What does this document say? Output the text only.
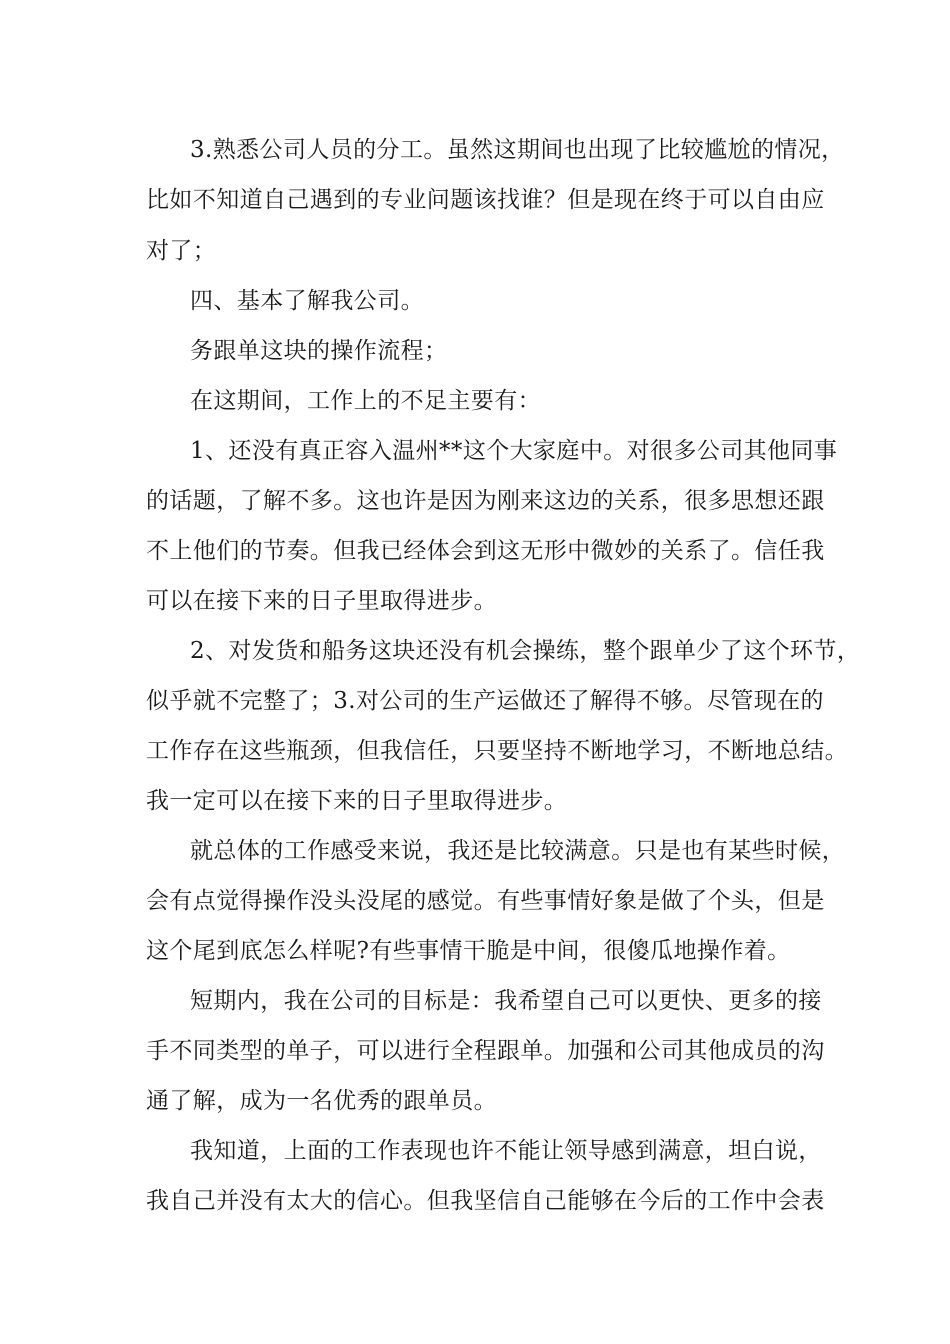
3.熟悉公司人员的分工。虽然这期间也出现了比较尴尬的情况，
比如不知道自己遇到的专业问题该找谁？但是现在终于可以自由应
对了；
四、基本了解我公司。
务跟单这块的操作流程；
在这期间，工作上的不足主要有：
1、还没有真正容入温州**这个大家庭中。对很多公司其他同事
的话题，了解不多。这也许是因为刚来这边的关系，很多思想还跟
不上他们的节奏。但我已经体会到这无形中微妙的关系了。信任我
可以在接下来的日子里取得进步。
2、对发货和船务这块还没有机会操练，整个跟单少了这个环节，
似乎就不完整了；3.对公司的生产运做还了解得不够。尽管现在的
工作存在这些瓶颈，但我信任，只要坚持不断地学习，不断地总结。
我一定可以在接下来的日子里取得进步。
就总体的工作感受来说，我还是比较满意。只是也有某些时候，
会有点觉得操作没头没尾的感觉。有些事情好象是做了个头，但是
这个尾到底怎么样呢?有些事情干脆是中间，很傻瓜地操作着。
短期内，我在公司的目标是：我希望自己可以更快、更多的接
手不同类型的单子，可以进行全程跟单。加强和公司其他成员的沟
通了解，成为一名优秀的跟单员。
我知道，上面的工作表现也许不能让领导感到满意，坦白说，
我自己并没有太大的信心。但我坚信自己能够在今后的工作中会表
